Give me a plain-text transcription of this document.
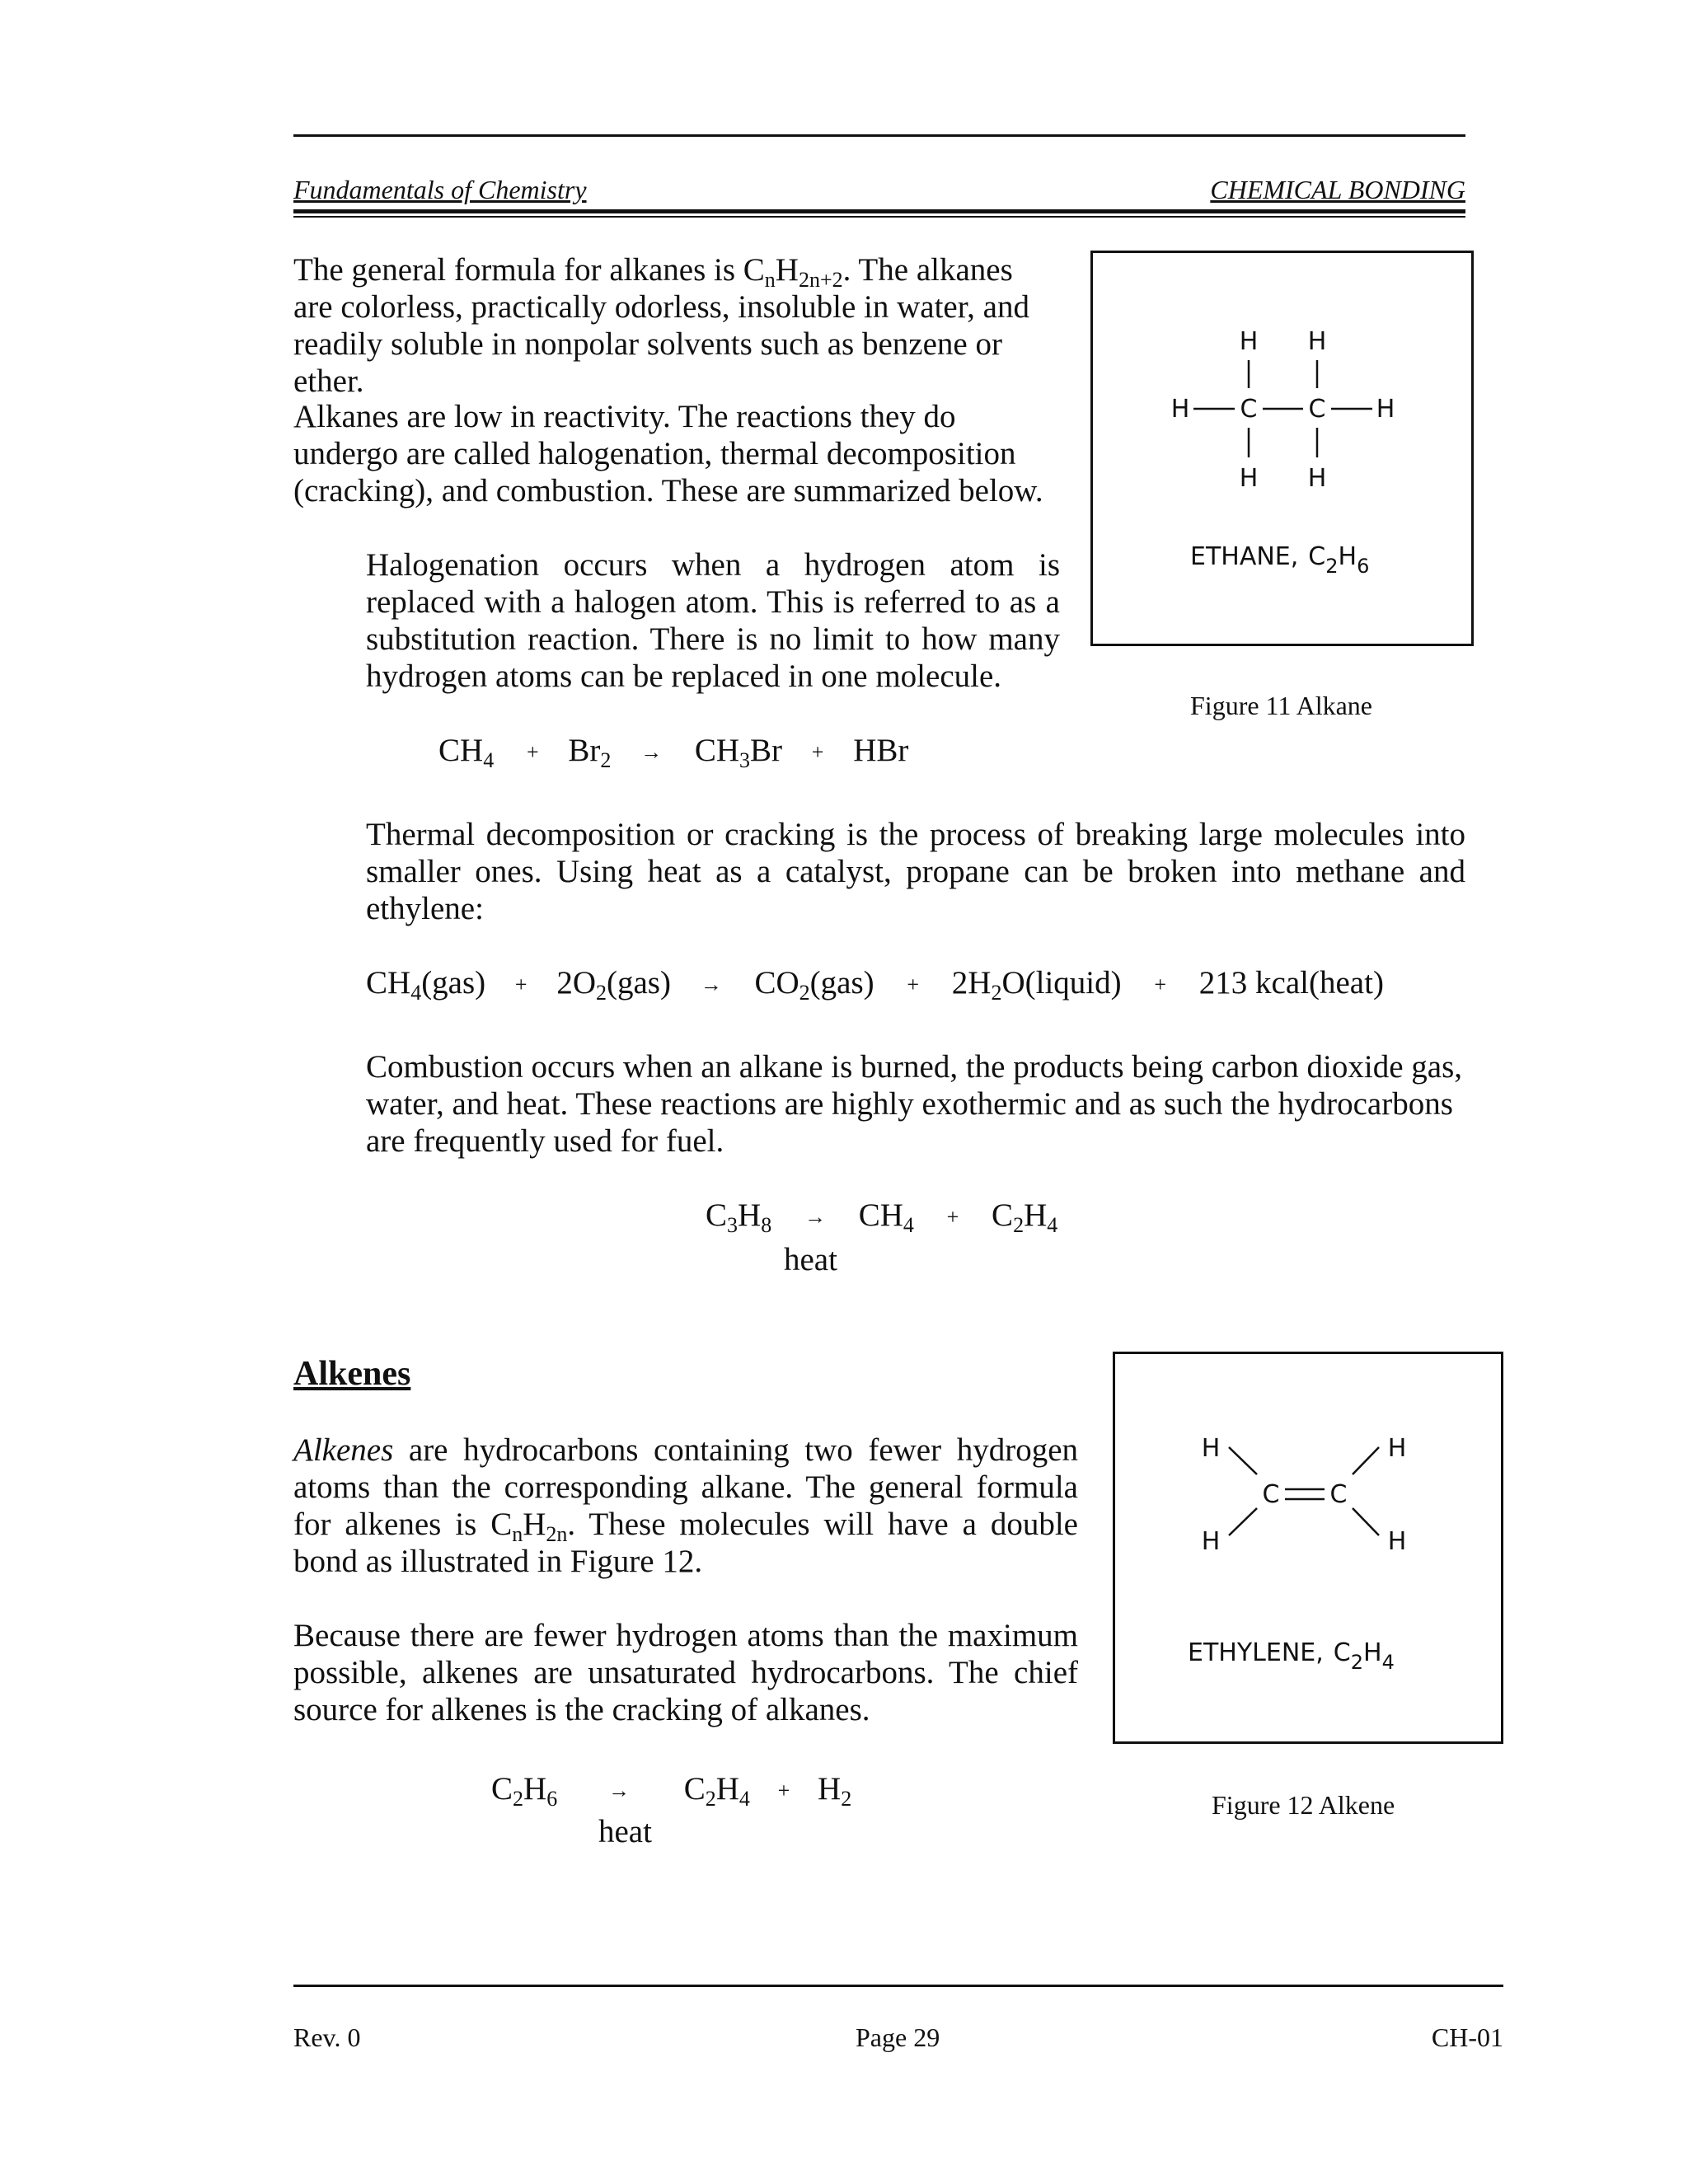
Fundamentals of Chemistry	CHEMICAL BONDING

The general formula for alkanes is $C_nH_{2n+2}$. The alkanes are colorless, practically odorless, insoluble in water, and readily soluble in nonpolar solvents such as benzene or ether.

Alkanes are low in reactivity. The reactions they do undergo are called halogenation, thermal decomposition (cracking), and combustion. These are summarized below.

Halogenation occurs when a hydrogen atom is replaced with a halogen atom. This is referred to as a substitution reaction. There is no limit to how many hydrogen atoms can be replaced in one molecule.

H H
H C C H
H H
ETHANE, $C_2H_6$
Figure 11 Alkane
$CH_4 + Br_2 \to CH_3Br$ + HBr

Thermal decomposition or cracking is the process of breaking large molecules into smaller ones. Using heat as a catalyst, propane can be broken into methane and ethylene:

$CH_4(gas) + 2O_2(gas) \to CO_2(gas)$ + $2H_2O(liquid) + 213$ kcal(heat)

Combustion occurs when an alkane is burned, the products being carbon dioxide gas, water, and heat. These reactions are highly exothermic and as such the hydrocarbons are frequently used for fuel.

$C_3H_8 \to CH_4 + C_2H_4$
heat
Alkenes

Alkenes are hydrocarbons containing two fewer hydrogen atoms than the corresponding alkane. The general formula for alkenes is $C_nH_{2n}$. These molecules will have a double bond as illustrated in Figure 12.

Because there are fewer hydrogen atoms than the maximum possible, alkenes are unsaturated hydrocarbons. The chief source for alkenes is the cracking of alkanes.

H	H
C C
H	H
ETHYLENE, $C_2H_4$
Figure 12 Alkene
$C_2H_6 \to C_2H_4 + H_2$
heat
Rev. 0	Page 29	CH-01
